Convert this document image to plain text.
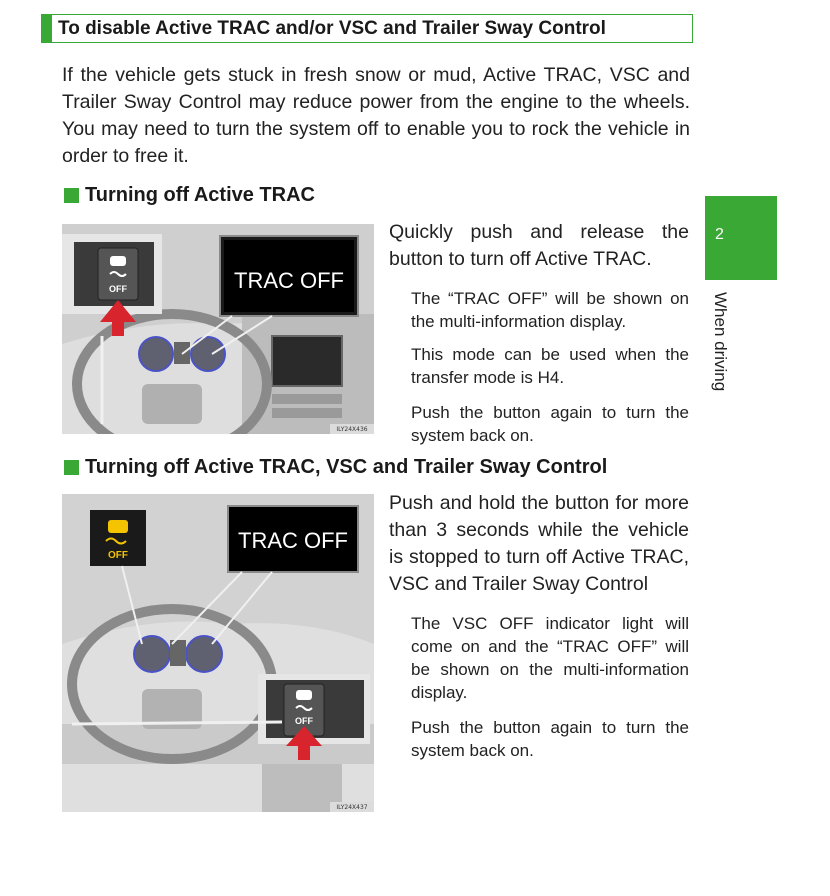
To disable Active TRAC and/or VSC and Trailer Sway Control

If the vehicle gets stuck in fresh snow or mud, Active TRAC, VSC and Trailer Sway Control may reduce power from the engine to the wheels. You may need to turn the system off to enable you to rock the vehicle in order to free it.

Turning off Active TRAC
OFF	TRAC OFF
ILY24X436

Quickly push and release the button to turn off Active TRAC.

The “TRAC OFF” will be shown on the multi-information display.

This mode can be used when the transfer mode is H4.

Push the button again to turn the system back on.

Turning off Active TRAC, VSC and Trailer Sway Control
OFF
TRAC OFF
OFF
ILY24X437

Push and hold the button for more than 3 seconds while the vehicle is stopped to turn off Active TRAC, VSC and Trailer Sway Control

The VSC OFF indicator light will come on and the “TRAC OFF” will be shown on the multi-information display.

Push the button again to turn the system back on.

2
When driving
